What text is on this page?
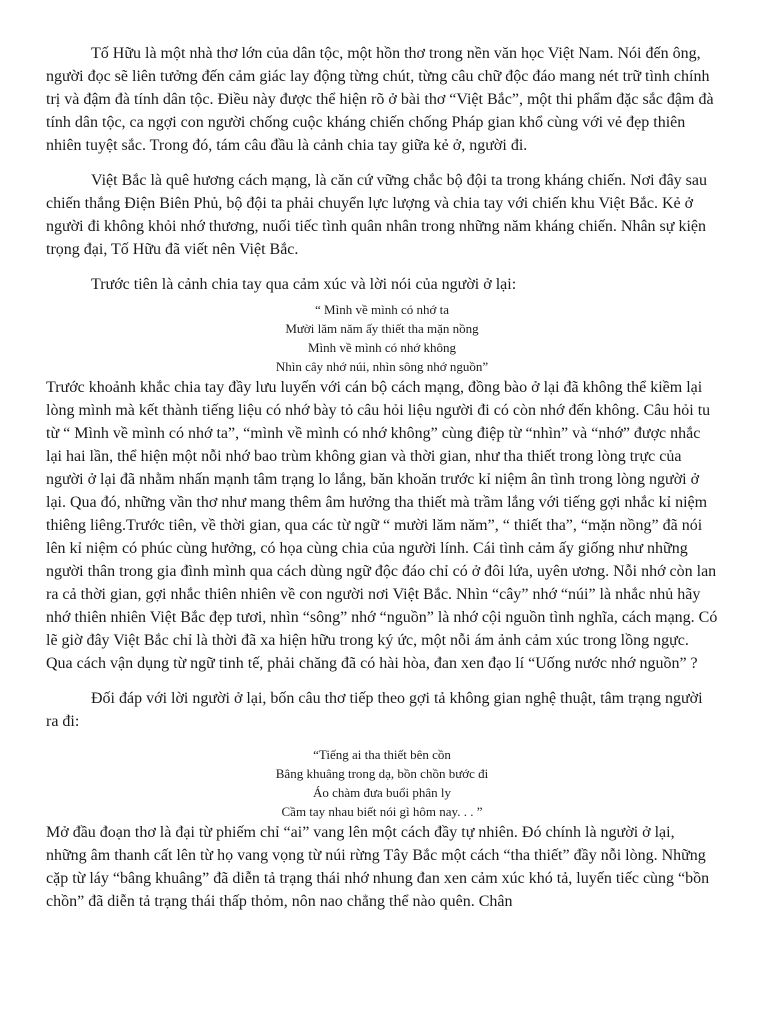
Tố Hữu là một nhà thơ lớn của dân tộc, một hồn thơ trong nền văn học Việt Nam. Nói đến ông, người đọc sẽ liên tưởng đến cảm giác lay động từng chút, từng câu chữ độc đáo mang nét trữ tình chính trị và đậm đà tính dân tộc. Điều này được thể hiện rõ ở bài thơ “Việt Bắc”, một thi phẩm đặc sắc đậm đà tính dân tộc, ca ngợi con người chống cuộc kháng chiến chống Pháp gian khổ cùng với vẻ đẹp thiên nhiên tuyệt sắc. Trong đó, tám câu đầu là cảnh chia tay giữa kẻ ở, người đi.

Việt Bắc là quê hương cách mạng, là căn cứ vững chắc bộ đội ta trong kháng chiến. Nơi đây sau chiến thắng Điện Biên Phủ, bộ đội ta phải chuyển lực lượng và chia tay với chiến khu Việt Bắc. Kẻ ở người đi không khỏi nhớ thương, nuối tiếc tình quân nhân trong những năm kháng chiến. Nhân sự kiện trọng đại, Tố Hữu đã viết nên Việt Bắc.

Trước tiên là cảnh chia tay qua cảm xúc và lời nói của người ở lại:

“ Mình về mình có nhớ ta
Mười lăm năm ấy thiết tha mặn nồng
Mình về mình có nhớ không
Nhìn cây nhớ núi, nhìn sông nhớ nguồn”

Trước khoảnh khắc chia tay đầy lưu luyến với cán bộ cách mạng, đồng bào ở lại đã không thể kiềm lại lòng mình mà kết thành tiếng liệu có nhớ bày tỏ câu hỏi liệu người đi có còn nhớ đến không. Câu hỏi tu từ “ Mình về mình có nhớ ta”, “mình về mình có nhớ không” cùng điệp từ “nhìn” và “nhớ” được nhắc lại hai lần, thể hiện một nỗi nhớ bao trùm không gian và thời gian, như tha thiết trong lòng trực của người ở lại đã nhằm nhấn mạnh tâm trạng lo lắng, băn khoăn trước kỉ niệm ân tình trong lòng người ở lại. Qua đó, những vần thơ như mang thêm âm hưởng tha thiết mà trầm lắng với tiếng gợi nhắc kỉ niệm thiêng liêng.Trước tiên, về thời gian, qua các từ ngữ “ mười lăm năm”, “ thiết tha”, “mặn nồng” đã nói lên kỉ niệm có phúc cùng hưởng, có họa cùng chia của người lính. Cái tình cảm ấy giống như những người thân trong gia đình mình qua cách dùng ngữ độc đáo chỉ có ở đôi lứa, uyên ương. Nỗi nhớ còn lan ra cả thời gian, gợi nhắc thiên nhiên về con người nơi Việt Bắc. Nhìn “cây” nhớ “núi” là nhắc nhủ hãy nhớ thiên nhiên Việt Bắc đẹp tươi, nhìn “sông” nhớ “nguồn” là nhớ cội nguồn tình nghĩa, cách mạng. Có lẽ giờ đây Việt Bắc chỉ là thời đã xa hiện hữu trong ký ức, một nỗi ám ảnh cảm xúc trong lồng ngực. Qua cách vận dụng từ ngữ tinh tế, phải chăng đã có hài hòa, đan xen đạo lí “Uống nước nhớ nguồn” ?

Đối đáp với lời người ở lại, bốn câu thơ tiếp theo gợi tả không gian nghệ thuật, tâm trạng người ra đi:

“Tiếng ai tha thiết bên cồn
Bâng khuâng trong dạ, bồn chồn bước đi
Áo chàm đưa buổi phân ly
Cầm tay nhau biết nói gì hôm nay. . . ”

Mở đầu đoạn thơ là đại từ phiếm chỉ “ai” vang lên một cách đầy tự nhiên. Đó chính là người ở lại, những âm thanh cất lên từ họ vang vọng từ núi rừng Tây Bắc một cách “tha thiết” đầy nỗi lòng. Những cặp từ láy “bâng khuâng” đã diễn tả trạng thái nhớ nhung đan xen cảm xúc khó tả, luyến tiếc cùng “bồn chồn” đã diễn tả trạng thái thấp thỏm, nôn nao chẳng thể nào quên. Chân
